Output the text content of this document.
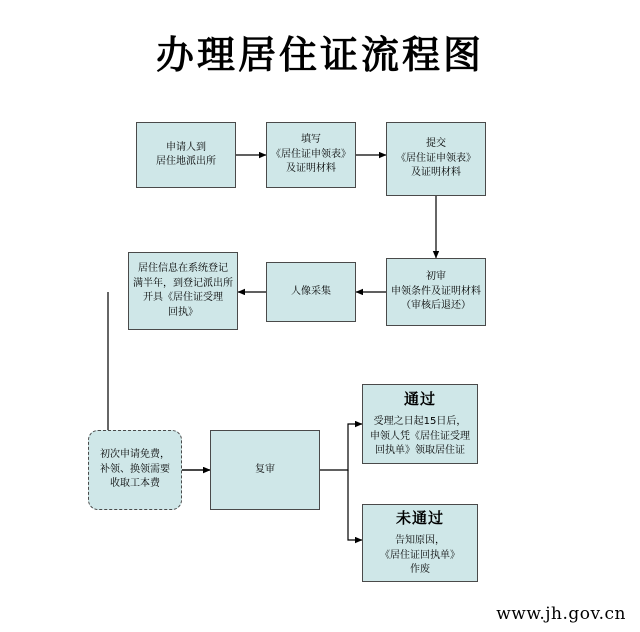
办理居住证流程图
申请人到
居住地派出所
填写
《居住证申领表》
及证明材料
提交
《居住证申领表》
及证明材料
初审
申领条件及证明材料
（审核后退还）
人像采集
居住信息在系统登记
满半年，到登记派出所
开具《居住证受理
回执》
初次申请免费，
补领、换领需要
收取工本费
复审
通过
受理之日起15日后，
申领人凭《居住证受理
回执单》领取居住证
未通过
告知原因，
《居住证回执单》
作废
www.jh.gov.cn
